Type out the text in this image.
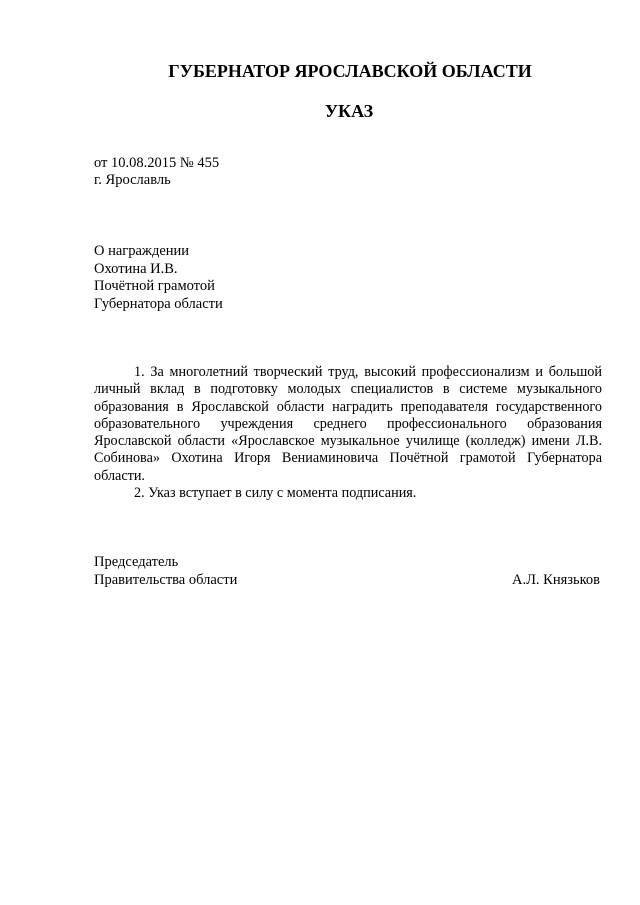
ГУБЕРНАТОР ЯРОСЛАВСКОЙ ОБЛАСТИ
УКАЗ
от 10.08.2015 № 455
г. Ярославль
О награждении
Охотина И.В.
Почётной грамотой
Губернатора области

1. За многолетний творческий труд, высокий профессионализм и большой личный вклад в подготовку молодых специалистов в системе музыкального образования в Ярославской области наградить преподавателя государственного образовательного учреждения среднего профессионального образования Ярославской области «Ярославское музыкальное училище (колледж) имени Л.В. Собинова» Охотина Игоря Вениаминовича Почётной грамотой Губернатора области.

2. Указ вступает в силу с момента подписания.

Председатель
Правительства области	А.Л. Князьков
